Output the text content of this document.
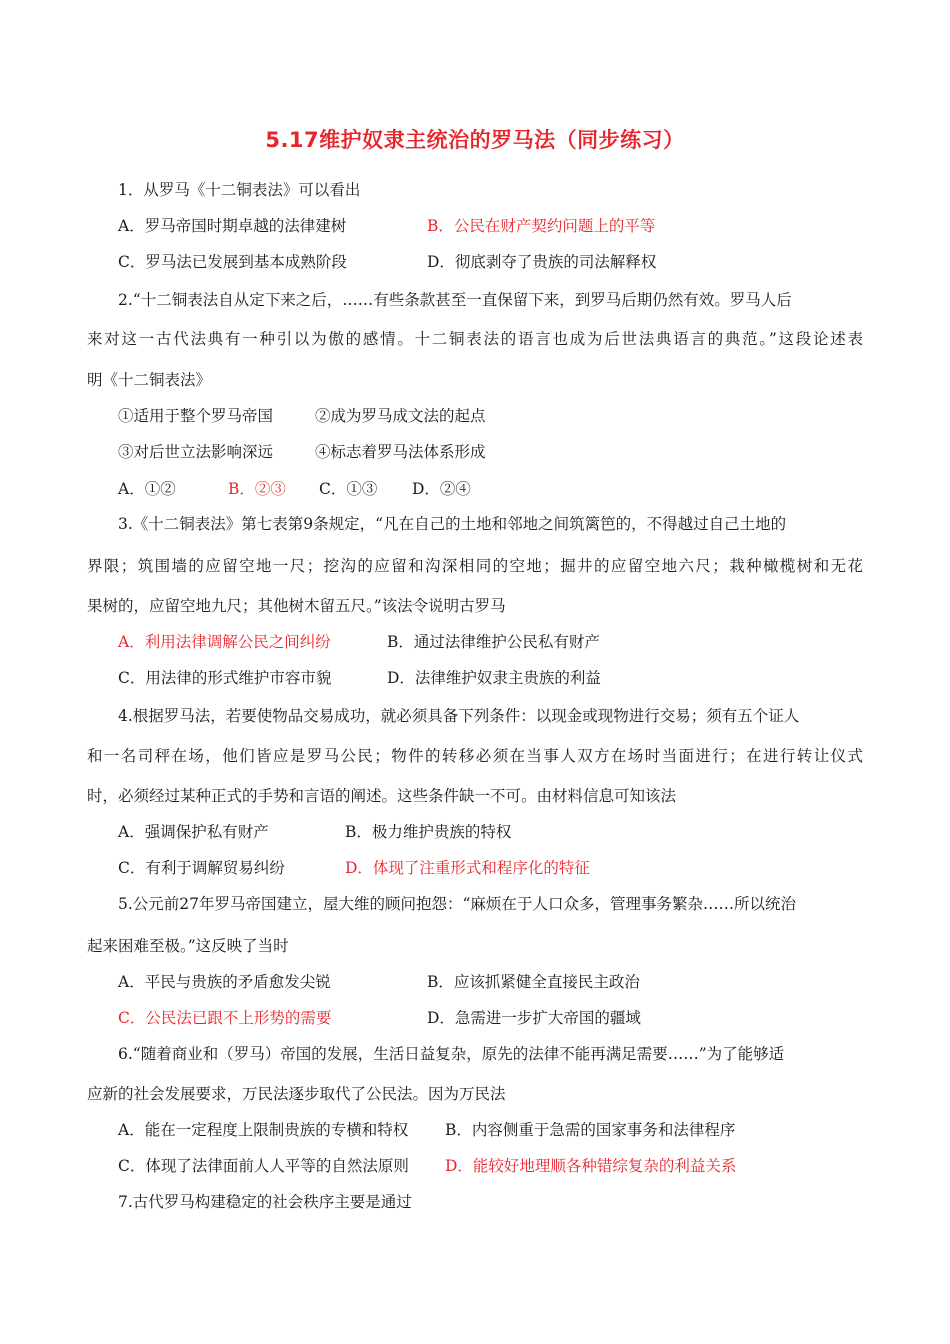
5.17维护奴隶主统治的罗马法（同步练习）
1．从罗马《十二铜表法》可以看出
A．罗马帝国时期卓越的法律建树	B．公民在财产契约问题上的平等
C．罗马法已发展到基本成熟阶段	D．彻底剥夺了贵族的司法解释权
2.“十二铜表法自从定下来之后，……有些条款甚至一直保留下来，到罗马后期仍然有效。罗马人后
来对这一古代法典有一种引以为傲的感情。十二铜表法的语言也成为后世法典语言的典范。”这段论述表
明《十二铜表法》
①适用于整个罗马帝国	②成为罗马成文法的起点
③对后世立法影响深远	④标志着罗马法体系形成
A．①②	B．②③ C．①③ D．②④
3.《十二铜表法》第七表第9条规定，“凡在自己的土地和邻地之间筑篱笆的，不得越过自己土地的
界限；筑围墙的应留空地一尺；挖沟的应留和沟深相同的空地；掘井的应留空地六尺；栽种橄榄树和无花
果树的，应留空地九尺；其他树木留五尺。”该法令说明古罗马
A．利用法律调解公民之间纠纷	B．通过法律维护公民私有财产
C．用法律的形式维护市容市貌	D．法律维护奴隶主贵族的利益
4.根据罗马法，若要使物品交易成功，就必须具备下列条件：以现金或现物进行交易；须有五个证人
和一名司秤在场，他们皆应是罗马公民；物件的转移必须在当事人双方在场时当面进行；在进行转让仪式
时，必须经过某种正式的手势和言语的阐述。这些条件缺一不可。由材料信息可知该法
A．强调保护私有财产	B．极力维护贵族的特权
C．有利于调解贸易纠纷	D．体现了注重形式和程序化的特征
5.公元前27年罗马帝国建立，屋大维的顾问抱怨：“麻烦在于人口众多，管理事务繁杂……所以统治
起来困难至极。”这反映了当时
A．平民与贵族的矛盾愈发尖锐	B．应该抓紧健全直接民主政治
C．公民法已跟不上形势的需要	D．急需进一步扩大帝国的疆域
6.“随着商业和（罗马）帝国的发展，生活日益复杂，原先的法律不能再满足需要……”为了能够适
应新的社会发展要求，万民法逐步取代了公民法。因为万民法
A．能在一定程度上限制贵族的专横和特权 B．内容侧重于急需的国家事务和法律程序
C．体现了法律面前人人平等的自然法原则 D．能较好地理顺各种错综复杂的利益关系
7.古代罗马构建稳定的社会秩序主要是通过
